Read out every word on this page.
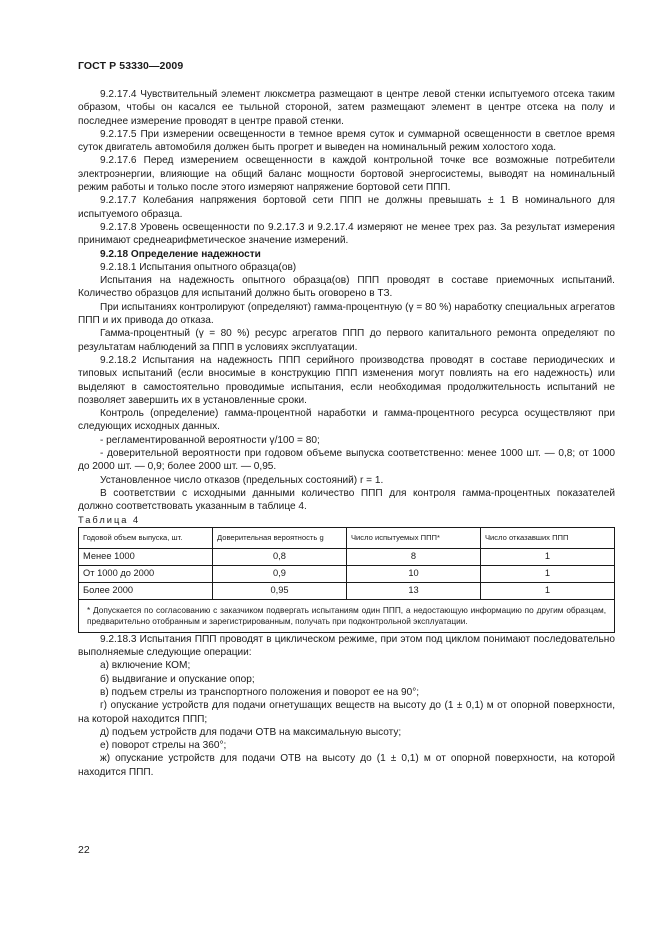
ГОСТ Р 53330—2009

9.2.17.4 Чувствительный элемент люксметра размещают в центре левой стенки испытуемого отсека таким образом, чтобы он касался ее тыльной стороной, затем размещают элемент в центре отсека на полу и последнее измерение проводят в центре правой стенки.

9.2.17.5 При измерении освещенности в темное время суток и суммарной освещенности в светлое время суток двигатель автомобиля должен быть прогрет и выведен на номинальный режим холостого хода.

9.2.17.6 Перед измерением освещенности в каждой контрольной точке все возможные потребители электроэнергии, влияющие на общий баланс мощности бортовой энергосистемы, выводят на номинальный режим работы и только после этого измеряют напряжение бортовой сети ППП.

9.2.17.7 Колебания напряжения бортовой сети ППП не должны превышать ± 1 В номинального для испытуемого образца.

9.2.17.8 Уровень освещенности по 9.2.17.3 и 9.2.17.4 измеряют не менее трех раз. За результат измерения принимают среднеарифметическое значение измерений.

9.2.18 Определение надежности

9.2.18.1 Испытания опытного образца(ов)

Испытания на надежность опытного образца(ов) ППП проводят в составе приемочных испытаний. Количество образцов для испытаний должно быть оговорено в ТЗ.

При испытаниях контролируют (определяют) гамма-процентную (γ = 80 %) наработку специальных агрегатов ППП и их привода до отказа.

Гамма-процентный (γ = 80 %) ресурс агрегатов ППП до первого капитального ремонта определяют по результатам наблюдений за ППП в условиях эксплуатации.

9.2.18.2 Испытания на надежность ППП серийного производства проводят в составе периодических и типовых испытаний (если вносимые в конструкцию ППП изменения могут повлиять на его надежность) или выделяют в самостоятельно проводимые испытания, если необходимая продолжительность испытаний не позволяет завершить их в установленные сроки.

Контроль (определение) гамма-процентной наработки и гамма-процентного ресурса осуществляют при следующих исходных данных.

- регламентированной вероятности γ/100 = 80;

- доверительной вероятности при годовом объеме выпуска соответственно: менее 1000 шт. — 0,8; от 1000 до 2000 шт. — 0,9; более 2000 шт. — 0,95.

Установленное число отказов (предельных состояний) r = 1.

В соответствии с исходными данными количество ППП для контроля гамма-процентных показателей должно соответствовать указанным в таблице 4.

Таблица 4

Годовой объем выпуска, шт.	Доверительная вероятность g	Число испытуемых ППП*	Число отказавших ППП
Менее 1000	0,8	8	1
От 1000 до 2000	0,9	10	1
Более 2000	0,95	13	1
* Допускается по согласованию с заказчиком подвергать испытаниям один ППП, а недостающую информацию по другим образцам, предварительно отобранным и зарегистрированным, получать при подконтрольной эксплуатации.			

9.2.18.3 Испытания ППП проводят в циклическом режиме, при этом под циклом понимают последовательно выполняемые следующие операции:

а) включение КОМ;

б) выдвигание и опускание опор;

в) подъем стрелы из транспортного положения и поворот ее на 90°;

г) опускание устройств для подачи огнетушащих веществ на высоту до (1 ± 0,1) м от опорной поверхности, на которой находится ППП;

д) подъем устройств для подачи ОТВ на максимальную высоту;

е) поворот стрелы на 360°;

ж) опускание устройств для подачи ОТВ на высоту до (1 ± 0,1) м от опорной поверхности, на которой находится ППП.

22
